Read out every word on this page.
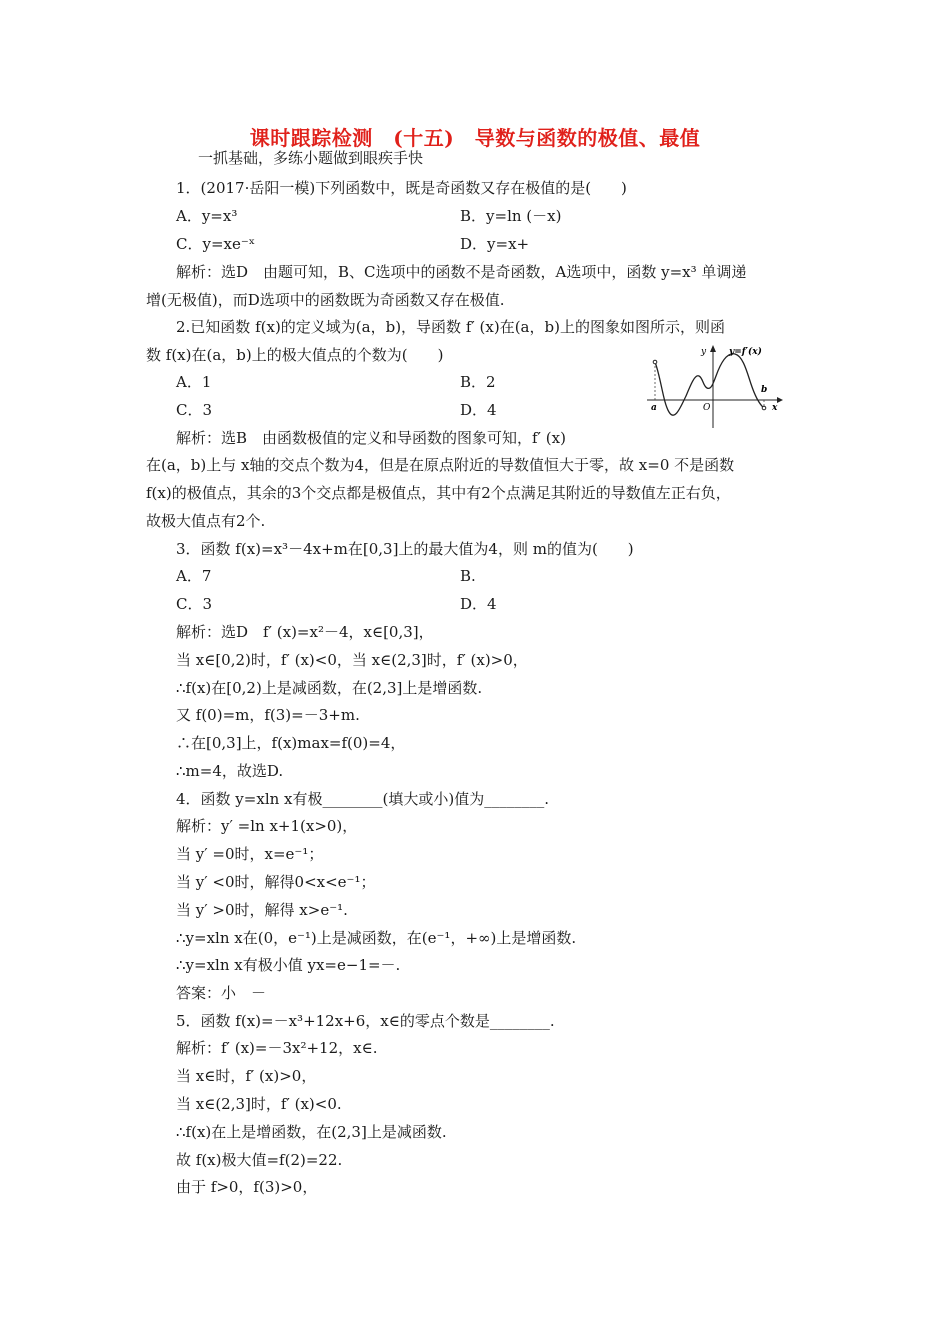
课时跟踪检测　(十五)　导数与函数的极值、最值
一抓基础，多练小题做到眼疾手快
1．(2017·岳阳一模)下列函数中，既是奇函数又存在极值的是(　　)
A．y=x³	B．y=ln (－x)
C．y=xe⁻ˣ	D．y=x+
解析：选D　由题可知，B、C选项中的函数不是奇函数，A选项中，函数 y=x³ 单调递
增(无极值)，而D选项中的函数既为奇函数又存在极值.
2.已知函数 f(x)的定义域为(a，b)，导函数 f′ (x)在(a，b)上的图象如图所示，则函
数 f(x)在(a，b)上的极大值点的个数为(　　)
A．1	B．2
C．3	D．4
y	y=f′(x)
a
b
O	x
解析：选B　由函数极值的定义和导函数的图象可知，f′ (x)
在(a，b)上与 x轴的交点个数为4，但是在原点附近的导数值恒大于零，故 x=0 不是函数
f(x)的极值点，其余的3个交点都是极值点，其中有2个点满足其附近的导数值左正右负，
故极大值点有2个.
3．函数 f(x)=x³－4x+m在[0,3]上的最大值为4，则 m的值为(　　)
A．7	B.
C．3	D．4
解析：选D　f′ (x)=x²－4，x∈[0,3]，
当 x∈[0,2)时，f′ (x)<0，当 x∈(2,3]时，f′ (x)>0，
∴f(x)在[0,2)上是减函数，在(2,3]上是增函数.
又 f(0)=m，f(3)=－3+m.
∴在[0,3]上，f(x)max=f(0)=4，
∴m=4，故选D.
4．函数 y=xln x有极________(填大或小)值为________.
解析：y′ =ln x+1(x>0)，
当 y′ =0时，x=e⁻¹；
当 y′ <0时，解得0<x<e⁻¹；
当 y′ >0时，解得 x>e⁻¹.
∴y=xln x在(0，e⁻¹)上是减函数，在(e⁻¹，+∞)上是增函数.
∴y=xln x有极小值 yx=e−1=－.
答案：小　－
5．函数 f(x)=－x³+12x+6，x∈的零点个数是________.
解析：f′ (x)=－3x²+12，x∈.
当 x∈时，f′ (x)>0，
当 x∈(2,3]时，f′ (x)<0.
∴f(x)在上是增函数，在(2,3]上是减函数.
故 f(x)极大值=f(2)=22.
由于 f>0，f(3)>0，
